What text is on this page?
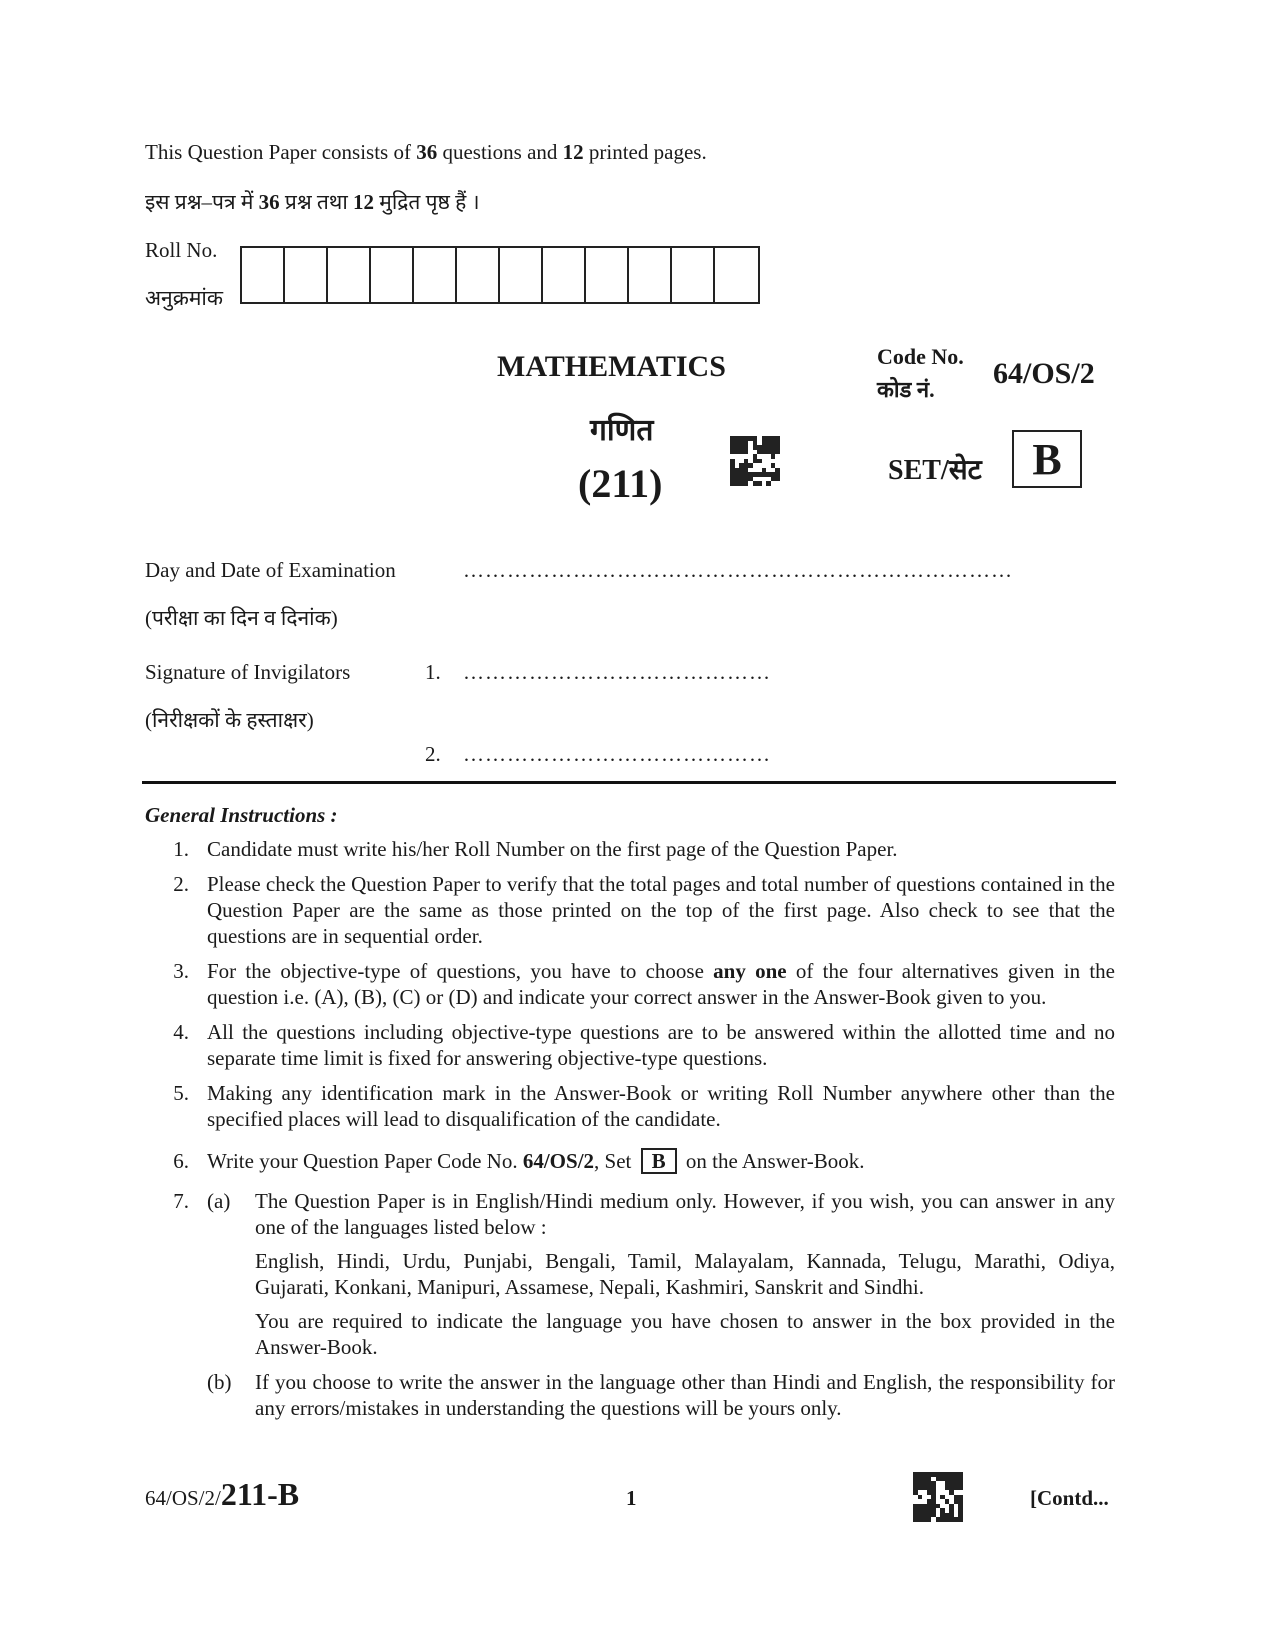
This Question Paper consists of 36 questions and 12 printed pages.
इस प्रश्न–पत्र में 36 प्रश्न तथा 12 मुद्रित पृष्ठ हैं ।
Roll No.
अनुक्रमांक
MATHEMATICS
गणित
(211)
Code No.
कोड नं. 64/OS/2
SET/सेट	B
Day and Date of Examination	…………………………………………………………………
(परीक्षा का दिन व दिनांक)
Signature of Invigilators	1. ……………………………………
(निरीक्षकों के हस्ताक्षर)
2. ……………………………………
General Instructions :
1. Candidate must write his/her Roll Number on the first page of the Question Paper.
2. Please check the Question Paper to verify that the total pages and total number of questions contained in the Question Paper are the same as those printed on the top of the first page. Also check to see that the questions are in sequential order.
3. For the objective-type of questions, you have to choose any one of the four alternatives given in the question i.e. (A), (B), (C) or (D) and indicate your correct answer in the Answer-Book given to you.
4. All the questions including objective-type questions are to be answered within the allotted time and no separate time limit is fixed for answering objective-type questions.
5. Making any identification mark in the Answer-Book or writing Roll Number anywhere other than the specified places will lead to disqualification of the candidate.
6. Write your Question Paper Code No. 64/OS/2, Set B on the Answer-Book.
7. (a)	The Question Paper is in English/Hindi medium only. However, if you wish, you can answer in any one of the languages listed below :
English, Hindi, Urdu, Punjabi, Bengali, Tamil, Malayalam, Kannada, Telugu, Marathi, Odiya, Gujarati, Konkani, Manipuri, Assamese, Nepali, Kashmiri, Sanskrit and Sindhi.
You are required to indicate the language you have chosen to answer in the box provided in the Answer-Book.
(b)	If you choose to write the answer in the language other than Hindi and English, the responsibility for any errors/mistakes in understanding the questions will be yours only.
64/OS/2/211-B	1	[Contd...
